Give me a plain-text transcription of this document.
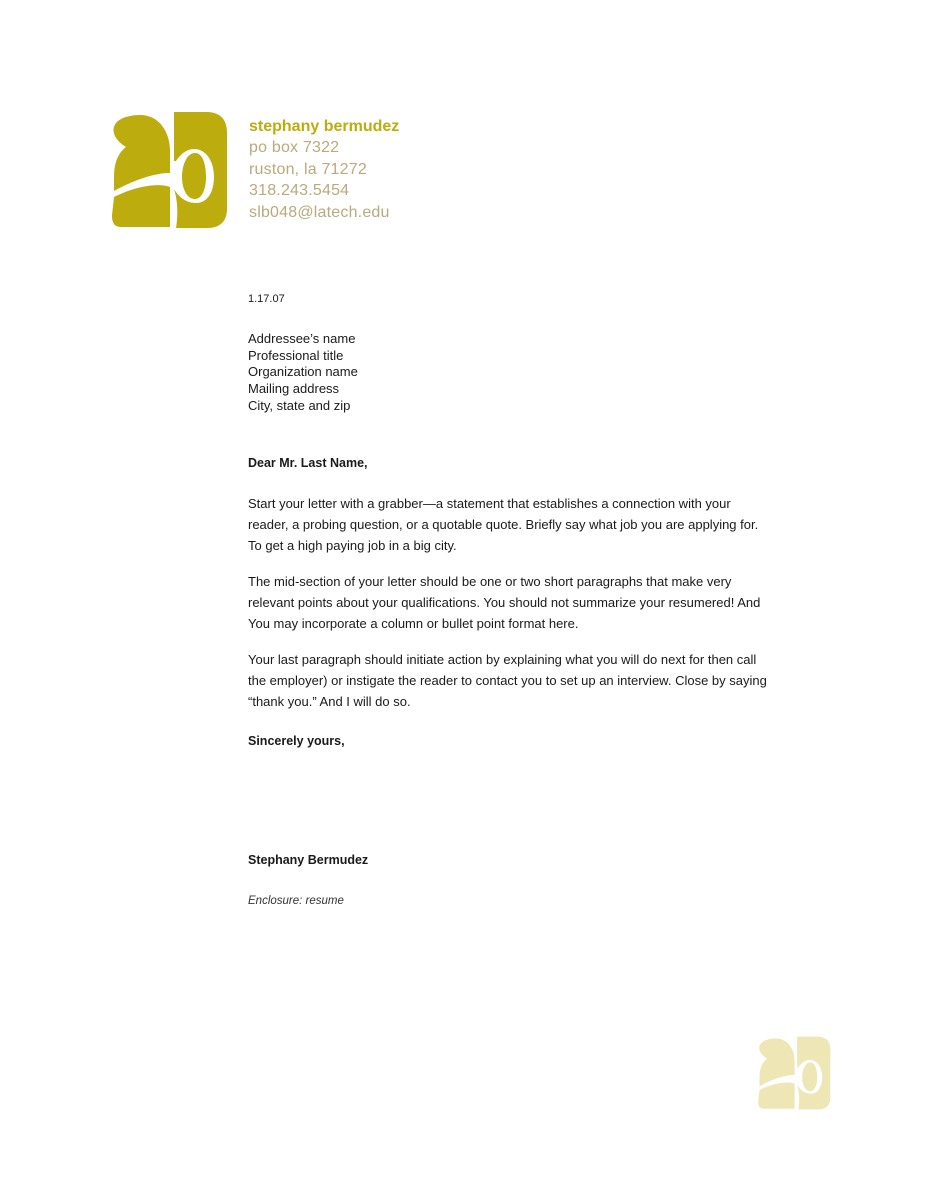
stephany bermudez
po box 7322
ruston, la 71272
318.243.5454
slb048@latech.edu
1.17.07
Addressee’s name
Professional title
Organization name
Mailing address
City, state and zip
Dear Mr. Last Name,
Start your letter with a grabber—a statement that establishes a connection with your reader, a probing question, or a quotable quote. Briefly say what job you are applying for. To get a high paying job in a big city.
The mid-section of your letter should be one or two short paragraphs that make very relevant points about your qualifications. You should not summarize your resumered! And You may incorporate a column or bullet point format here.
Your last paragraph should initiate action by explaining what you will do next for then call the employer) or instigate the reader to contact you to set up an interview. Close by saying “thank you.” And I will do so.
Sincerely yours,
Stephany Bermudez
Enclosure: resume
